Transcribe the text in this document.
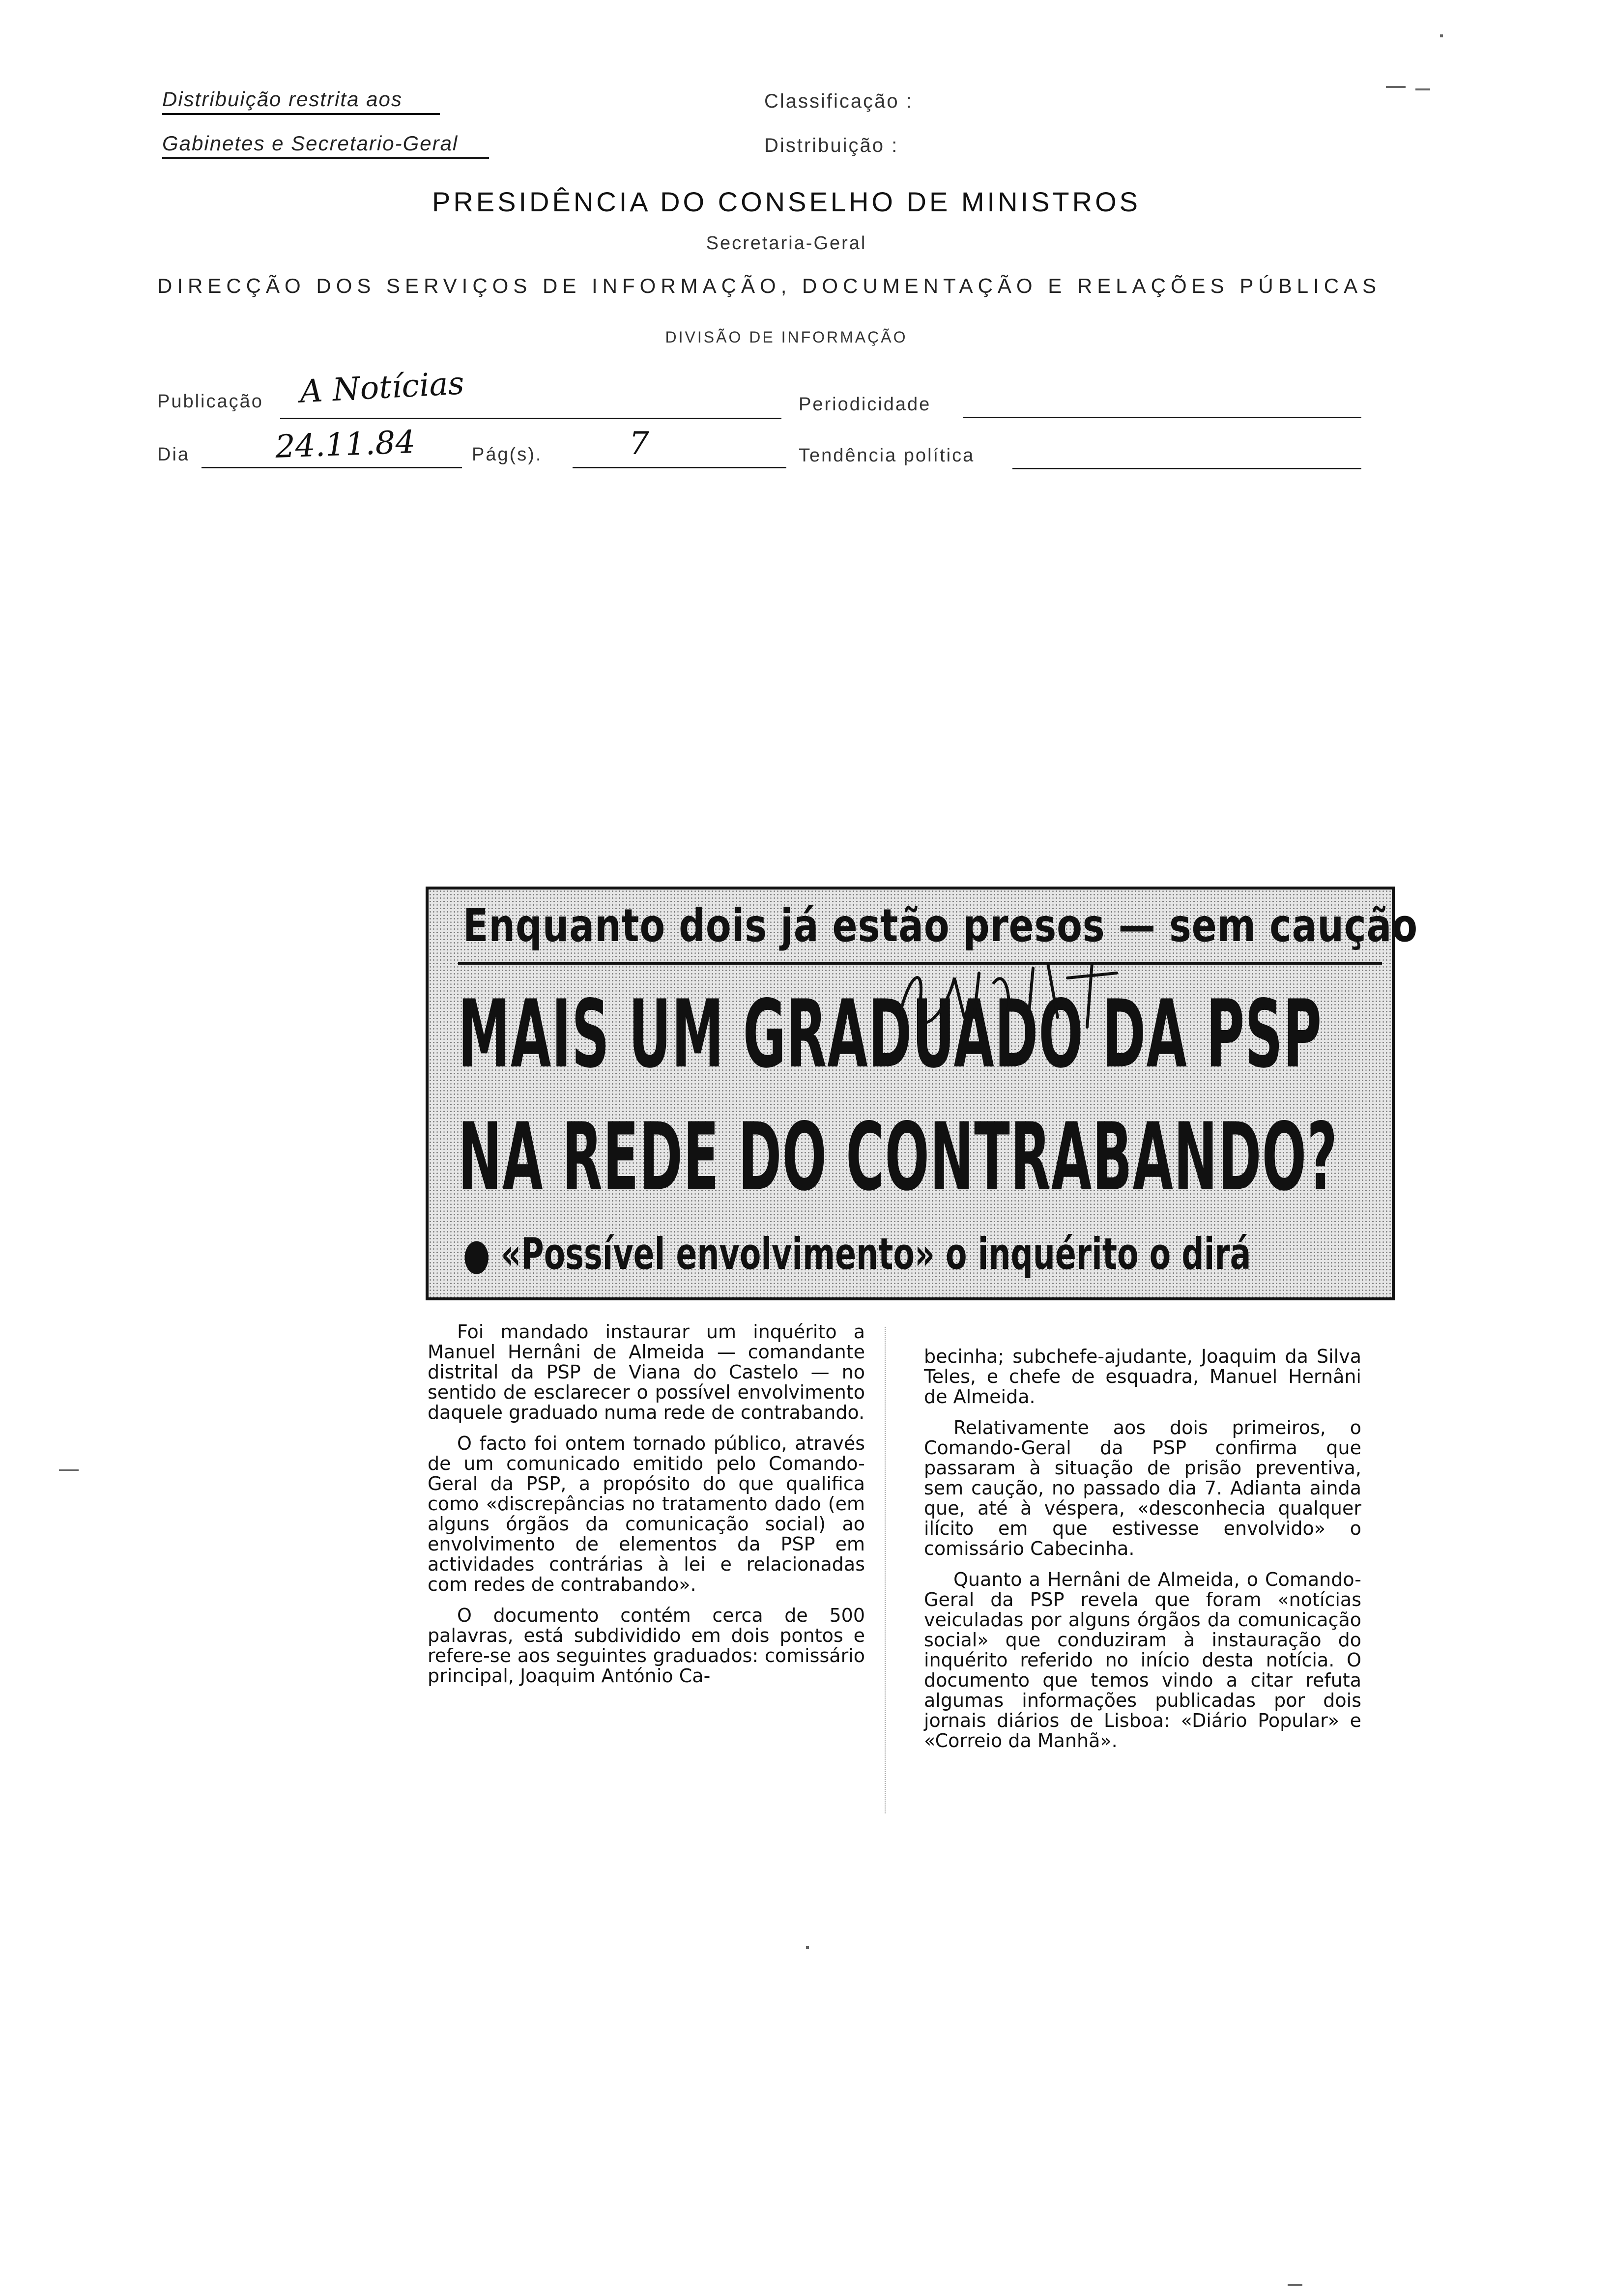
Distribuição restrita aos
Gabinetes e Secretario-Geral
Classificação :
Distribuição :
PRESIDÊNCIA DO CONSELHO DE MINISTROS
Secretaria-Geral
DIRECÇÃO DOS SERVIÇOS DE INFORMAÇÃO, DOCUMENTAÇÃO E RELAÇÕES PÚBLICAS
DIVISÃO DE INFORMAÇÃO
Publicação A Notícias	Periodicidade
Dia	24.11.84	Pág(s).	7	Tendência política
Enquanto dois já estão presos — sem caução
MAIS UM GRADUADO DA PSP
NA REDE DO CONTRABANDO?
● «Possível envolvimento» o inquérito o dirá

Foi mandado instaurar um inquérito a Manuel Hernâni de Almeida — comandante distrital da PSP de Viana do Castelo — no sentido de esclarecer o possível envolvimento daquele graduado numa rede de contrabando.

O facto foi ontem tornado público, através de um comunicado emitido pelo Comando-Geral da PSP, a propósito do que qualifica como «discrepâncias no tratamento dado (em alguns órgãos da comunicação social) ao envolvimento de elementos da PSP em actividades contrárias à lei e relacionadas com redes de contrabando».

O documento contém cerca de 500 palavras, está subdividido em dois pontos e refere-se aos seguintes graduados: comissário principal, Joaquim António Ca-

becinha; subchefe-ajudante, Joaquim da Silva Teles, e chefe de esquadra, Manuel Hernâni de Almeida.

Relativamente aos dois primeiros, o Comando-Geral da PSP confirma que passaram à situação de prisão preventiva, sem caução, no passado dia 7. Adianta ainda que, até à véspera, «desconhecia qualquer ilícito em que estivesse envolvido» o comissário Cabecinha.

Quanto a Hernâni de Almeida, o Comando-Geral da PSP revela que foram «notícias veiculadas por alguns órgãos da comunicação social» que conduziram à instauração do inquérito referido no início desta notícia. O documento que temos vindo a citar refuta algumas informações publicadas por dois jornais diários de Lisboa: «Diário Popular» e «Correio da Manhã».
